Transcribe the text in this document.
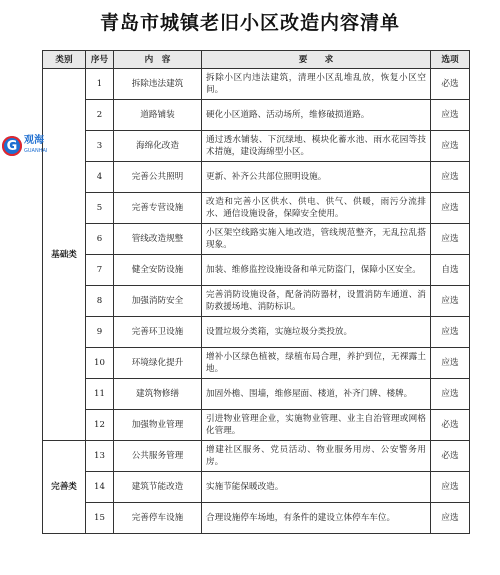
青岛市城镇老旧小区改造内容清单
类别	序号	内　容	要　　求	选项
基础类	1	拆除违法建筑	拆除小区内违法建筑，清理小区乱堆乱放，恢复小区空间。	必选
	2	道路铺装	硬化小区道路、活动场所，维修破损道路。	应选
	3	海绵化改造	通过透水铺装、下沉绿地、模块化蓄水池、雨水花园等技术措施，建设海绵型小区。	应选
	4	完善公共照明	更新、补齐公共部位照明设施。	应选
	5	完善专营设施	改造和完善小区供水、供电、供气、供暖，雨污分流排水、通信设施设备，保障安全使用。	应选
	6	管线改造规整	小区架空线路实施入地改造，管线规范整齐，无乱拉乱搭现象。	应选
	7	健全安防设施	加装、维修监控设施设备和单元防盗门，保障小区安全。	自选
	8	加强消防安全	完善消防设施设备，配备消防器材，设置消防车通道、消防救援场地、消防标识。	应选
	9	完善环卫设施	设置垃圾分类箱，实施垃圾分类投放。	应选
	10	环境绿化提升	增补小区绿色植被，绿植布局合理，养护到位，无裸露土地。	应选
	11	建筑物修缮	加固外檐、围墙，维修屋面、楼道，补齐门牌、楼牌。	应选
	12	加强物业管理	引进物业管理企业，实施物业管理、业主自治管理或网格化管理。	必选
完善类	13	公共服务管理	增建社区服务、党员活动、物业服务用房、公安警务用房。	必选
	14	建筑节能改造	实施节能保暖改造。	应选
	15	完善停车设施	合理设施停车场地，有条件的建设立体停车车位。	应选
G 观海
GUANHAI
